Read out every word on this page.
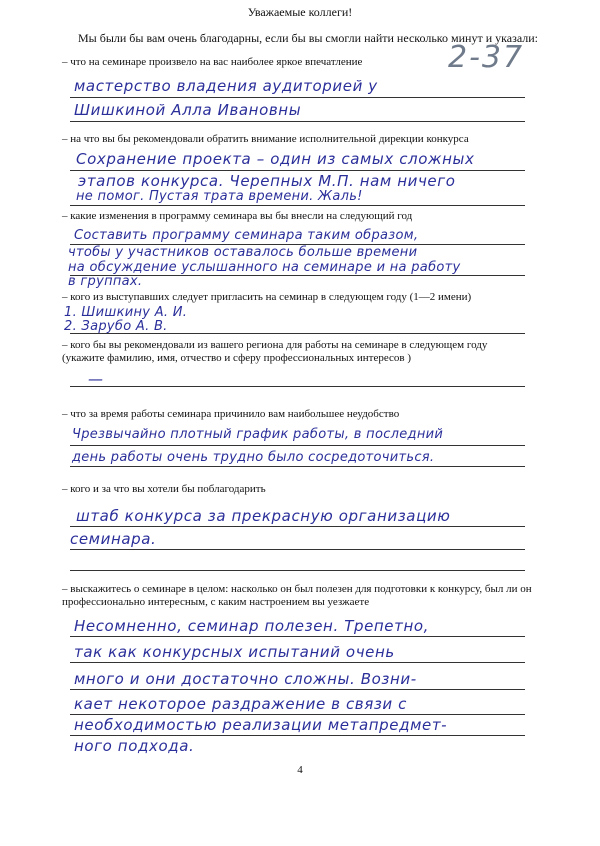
Уважаемые коллеги!
Мы были бы вам очень благодарны, если бы вы смогли найти несколько минут и указали:
2-37
– что на семинаре произвело на вас наиболее яркое впечатление
мастерство владения аудиторией у
Шишкиной Алла Ивановны
– на что вы бы рекомендовали обратить внимание исполнительной дирекции конкурса
Сохранение проекта – один из самых сложных
этапов конкурса. Черепных М.П. нам ничего
не помог. Пустая трата времени. Жаль!
– какие изменения в программу семинара вы бы внесли на следующий год
Составить программу семинара таким образом,
чтобы у участников оставалось больше времени
на обсуждение услышанного на семинаре и на работу
в группах.
– кого из выступавших следует пригласить на семинар в следующем году (1—2 имени)
1. Шишкину А. И.
2. Зарубо А. В.
– кого бы вы рекомендовали из вашего региона для работы на семинаре в следующем году (укажите фамилию, имя, отчество и сферу профессиональных интересов )
—
– что за время работы семинара причинило вам наибольшее неудобство
Чрезвычайно плотный график работы, в последний
день работы очень трудно было сосредоточиться.
– кого и за что вы хотели бы поблагодарить
штаб конкурса за прекрасную организацию
семинара.
– выскажитесь о семинаре в целом: насколько он был полезен для подготовки к конкурсу, был ли он профессионально интересным, с каким настроением вы уезжаете
Несомненно, семинар полезен. Трепетно,
так как конкурсных испытаний очень
много и они достаточно сложны. Возни-
кает некоторое раздражение в связи с
необходимостью реализации метапредмет-
ного подхода.
4
